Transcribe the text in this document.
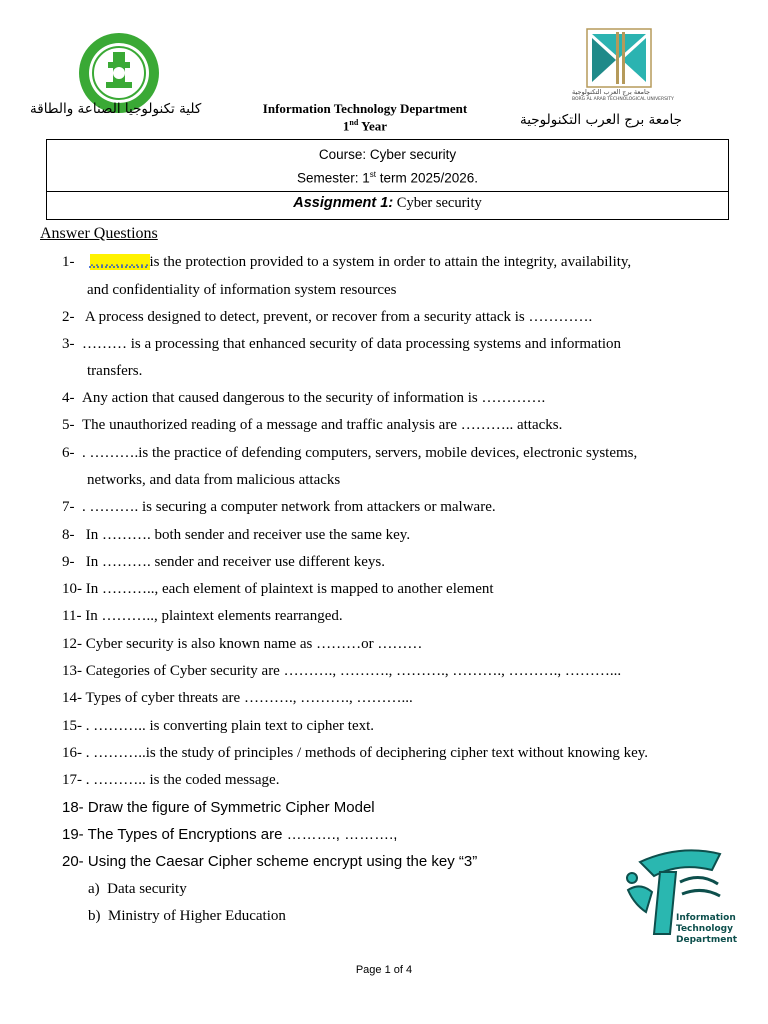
كلية تكنولوجيا الصناعة والطاقة	Information Technology Department
1nd Year
جامعة برج العرب التكنولوجية
BORG AL ARAB TECHNOLOGICAL UNIVERSITY
جامعة برج العرب التكنولوجية
Course: Cyber security
Semester: 1st term 2025/2026.
Assignment 1: Cyber security
Answer Questions
1- …………is the protection provided to a system in order to attain the integrity, availability,
and confidentiality of information system resources
2-   A process designed to detect, prevent, or recover from a security attack is ………….
3- ……… is a processing that enhanced security of data processing systems and information
transfers.
4- Any action that caused dangerous to the security of information is ………….
5- The unauthorized reading of a message and traffic analysis are ……….. attacks.
6- . ……….is the practice of defending computers, servers, mobile devices, electronic systems,
networks, and data from malicious attacks
7- . ………. is securing a computer network from attackers or malware.
8-   In ………. both sender and receiver use the same key.
9-   In ………. sender and receiver use different keys.
10- In ……….., each element of plaintext is mapped to another element
11- In ……….., plaintext elements rearranged.
12- Cyber security is also known name as ………or ………
13- Categories of Cyber security are ………., ………., ………., ………., ………., ………...
14- Types of cyber threats are ………., ………., ………...
15- . ……….. is converting plain text to cipher text.
16- . ………..is the study of principles / methods of deciphering cipher text without knowing key.
17- . ……….. is the coded message.
18- Draw the figure of Symmetric Cipher Model
19- The Types of Encryptions are ………., ……….,
20- Using the Caesar Cipher scheme encrypt using the key “3”
a) Data security
b) Ministry of Higher Education	Information
Technology
Department
Page 1 of 4
